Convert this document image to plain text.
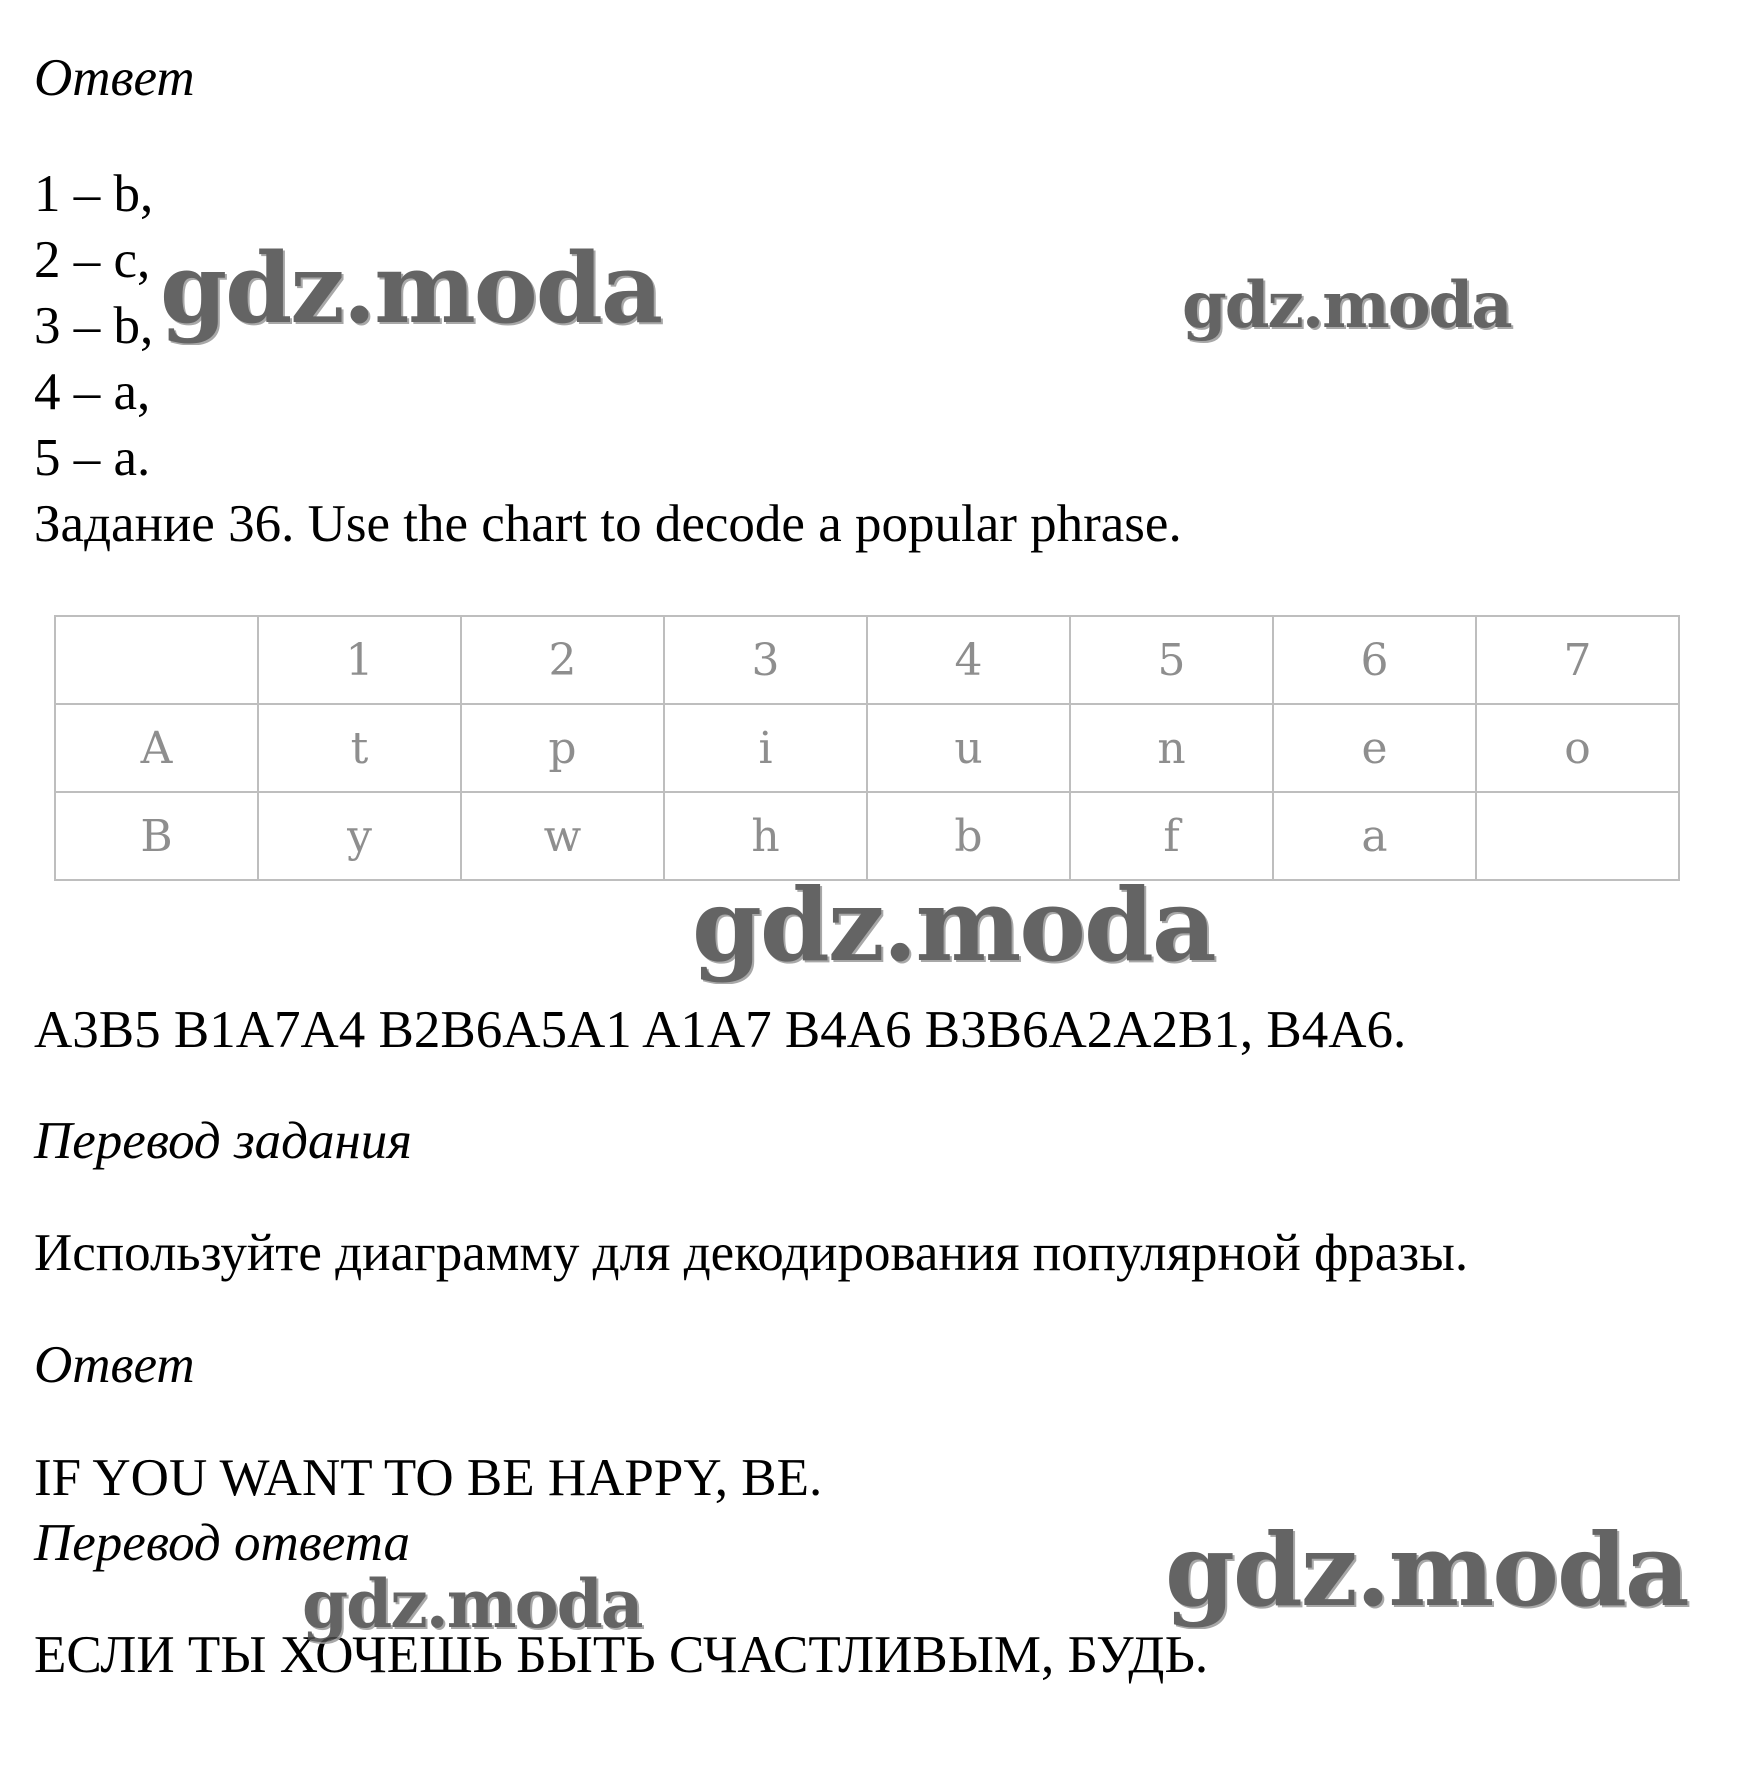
Ответ
1 – b,
2 – c,
3 – b,
4 – a,
5 – a.
Задание 36. Use the chart to decode a popular phrase.
	1	2	3	4	5	6	7
A	t	p	i	u	n	e	o
B	y	w	h	b	f	a	
A3B5 B1A7A4 B2B6A5A1 A1A7 B4A6 B3B6A2A2B1, B4A6.
Перевод задания
Используйте диаграмму для декодирования популярной фразы.
Ответ
IF YOU WANT TO BE HAPPY, BE.
Перевод ответа
ЕСЛИ ТЫ ХОЧЕШЬ БЫТЬ СЧАСТЛИВЫМ, БУДЬ.
gdz.moda	gdz.moda
gdz.moda
gdz.moda
gdz.moda
